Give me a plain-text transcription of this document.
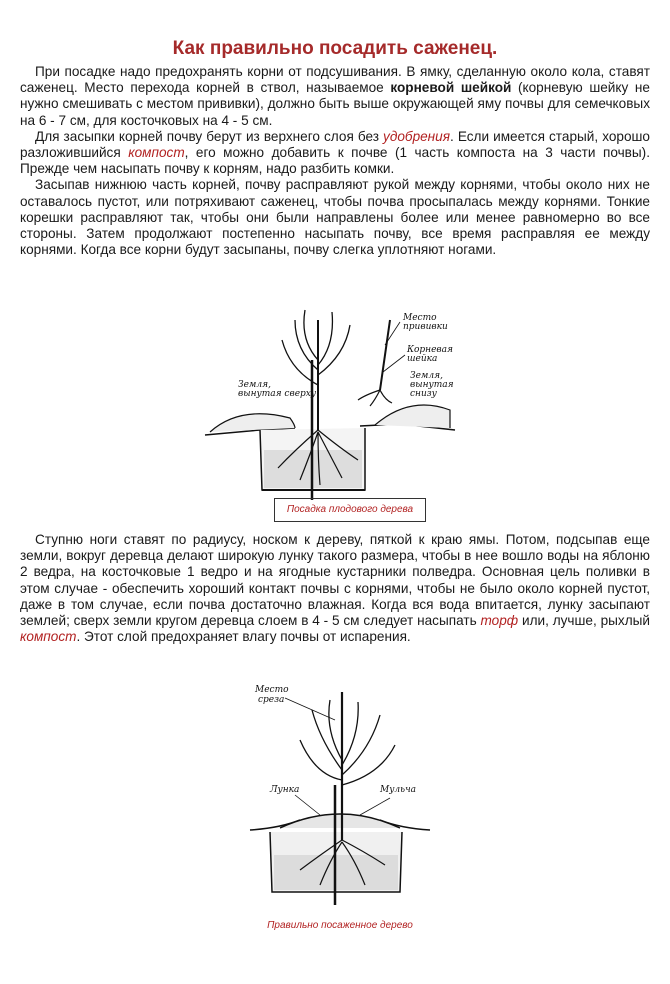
Как правильно посадить саженец.

При посадке надо предохранять корни от подсушивания. В ямку, сделанную около кола, ставят саженец. Место перехода корней в ствол, называемое корневой шейкой (корневую шейку не нужно смешивать с местом прививки), должно быть выше окружающей яму почвы для семечковых на 6 - 7 см, для косточковых на 4 - 5 см.

Для засыпки корней почву берут из верхнего слоя без удобрения. Если имеется старый, хорошо разложившийся компост, его можно добавить к почве (1 часть компоста на 3 части почвы). Прежде чем насыпать почву к корням, надо разбить комки.

Засыпав нижнюю часть корней, почву расправляют рукой между корнями, чтобы около них не оставалось пустот, или потряхивают саженец, чтобы почва просыпалась между корнями. Тонкие корешки расправляют так, чтобы они были направлены более или менее равномерно во все стороны. Затем продолжают постепенно насыпать почву, все время расправляя ее между корнями. Когда все корни будут засыпаны, почву слегка уплотняют ногами.

Место
прививки
Корневая
шейка
Земля,
вынутая
снизу
Земля,
вынутая сверху
Посадка плодового дерева

Ступню ноги ставят по радиусу, носком к дереву, пяткой к краю ямы. Потом, подсыпав еще земли, вокруг деревца делают широкую лунку такого размера, чтобы в нее вошло воды на яблоню 2 ведра, на косточковые 1 ведро и на ягодные кустарники полведра. Основная цель поливки в этом случае - обеспечить хороший контакт почвы с корнями, чтобы не было около корней пустот, даже в том случае, если почва достаточно влажная. Когда вся вода впитается, лунку засыпают землей; сверх земли кругом деревца слоем в 4 - 5 см следует насыпать торф или, лучше, рыхлый компост. Этот слой предохраняет влагу почвы от испарения.

Место
среза
Лунка	Мульча
Правильно посаженное дерево
